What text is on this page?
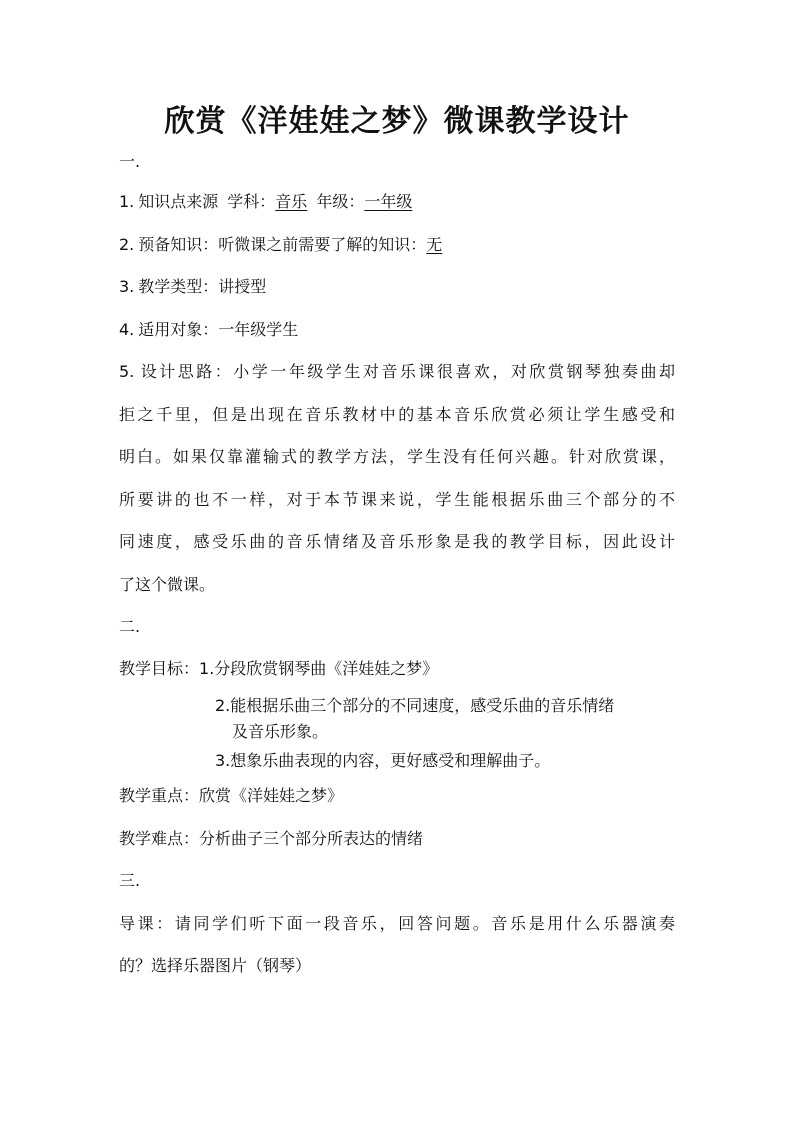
欣赏《洋娃娃之梦》微课教学设计
一.
1. 知识点来源 学科：音乐 年级：一年级
2. 预备知识：听微课之前需要了解的知识：无
3. 教学类型：讲授型
4. 适用对象：一年级学生
5. 设计思路：小学一年级学生对音乐课很喜欢，对欣赏钢琴独奏曲却
拒之千里，但是出现在音乐教材中的基本音乐欣赏必须让学生感受和
明白。如果仅靠灌输式的教学方法，学生没有任何兴趣。针对欣赏课，
所要讲的也不一样，对于本节课来说，学生能根据乐曲三个部分的不
同速度，感受乐曲的音乐情绪及音乐形象是我的教学目标，因此设计
了这个微课。
二.
教学目标：1.分段欣赏钢琴曲《洋娃娃之梦》
2.能根据乐曲三个部分的不同速度，感受乐曲的音乐情绪
及音乐形象。
3.想象乐曲表现的内容，更好感受和理解曲子。
教学重点：欣赏《洋娃娃之梦》
教学难点：分析曲子三个部分所表达的情绪
三.
导课：请同学们听下面一段音乐，回答问题。音乐是用什么乐器演奏
的？选择乐器图片（钢琴）
